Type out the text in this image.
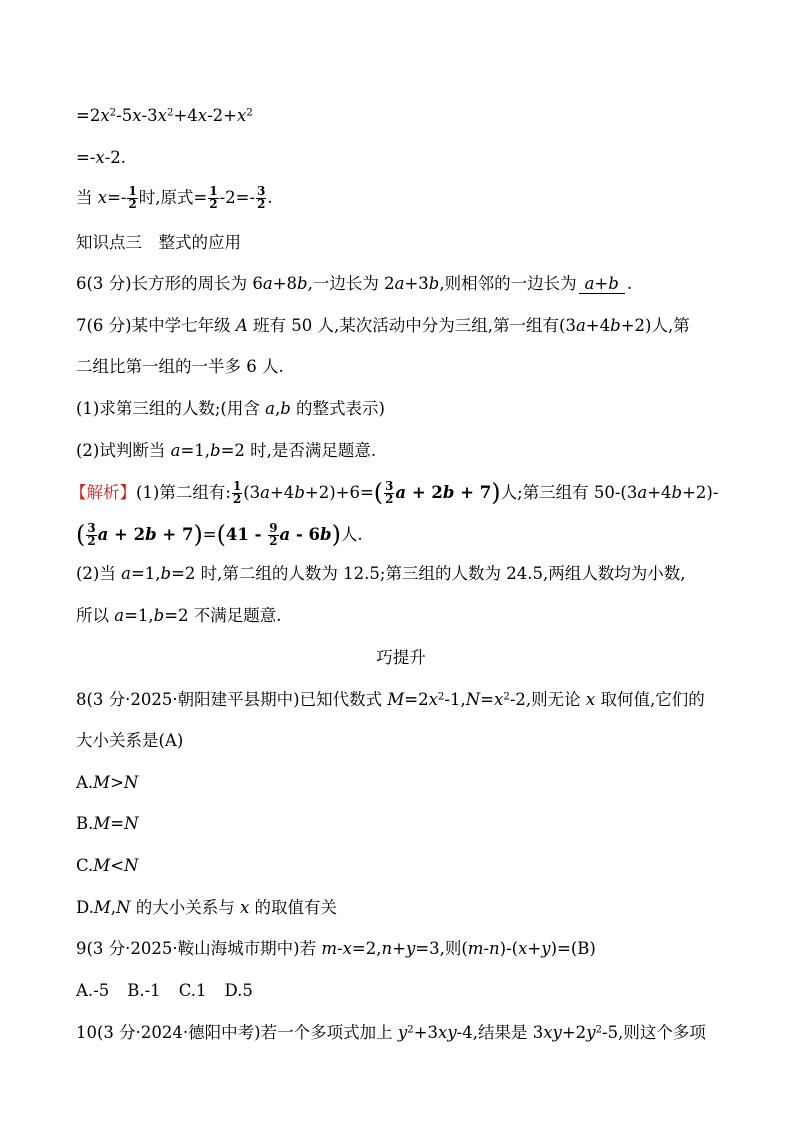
$=2x^2-5x-3x^2+4x-2+x^2$
=-x-2.
当 $x=- \frac{1}{2}$ 时,原式= $\frac{1}{2} -2=- \frac{3}{2}$ .
知识点三　整式的应用
6(3 分)长方形的周长为 6a+8b,一边长为 2a+3b,则相邻的一边长为 a+b .
7(6 分)某中学七年级 A 班有 50 人,某次活动中分为三组,第一组有(3a+4b+2)人,第
二组比第一组的一半多 6 人.
(1)求第三组的人数;(用含 a,b 的整式表示)
(2)试判断当 a=1,b=2 时,是否满足题意.
【解析】(1)第二组有: $\frac{1}{2} (3a+4b+2)+6=( \frac{3}{2}$ a + 2b + 7)人;第三组有 50-(3a+4b+2)-
( $\frac{3}{2}$ $a + 2b + 7)=(41 - \frac{9}{2}$ a - 6b)人.
(2)当 a=1,b=2 时,第二组的人数为 12.5;第三组的人数为 24.5,两组人数均为小数,
所以 a=1,b=2 不满足题意.
巧提升
8(3 分·2025·朝阳建平县期中)已知代数式 $M=2x^2-1,N=x^2-2$,则无论 x 取何值,它们的
大小关系是(A)
A.M>N
B.M=N
C.M<N
D.M,N 的大小关系与 x 的取值有关
9(3 分·2025·鞍山海城市期中)若 m-x=2,n+y=3,则(m-n)-(x+y)=(B)
A.-5 B.-1 C.1 D.5
10(3 分·2024·德阳中考)若一个多项式加上 $y^2+3xy-4$,结果是 $3xy+2y^2-5$,则这个多项
